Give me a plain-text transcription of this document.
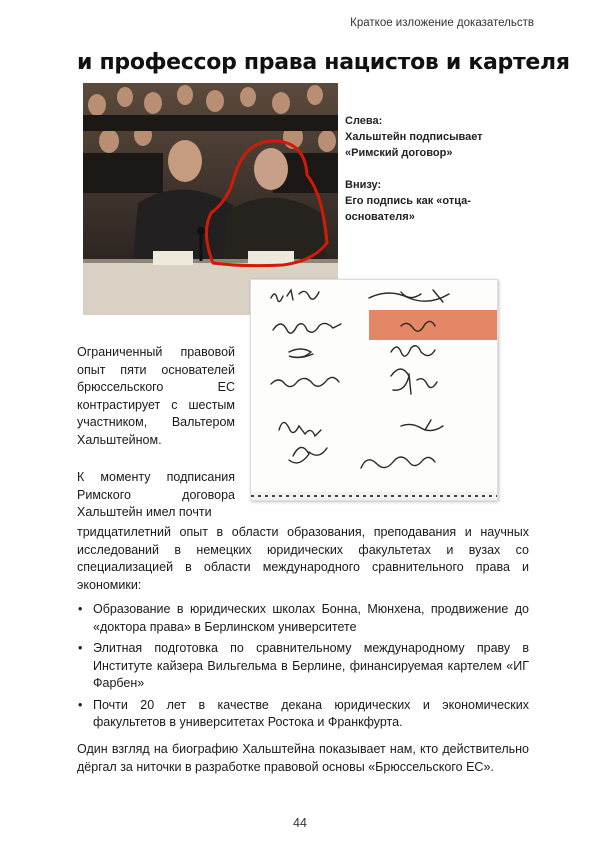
Краткое изложение доказательств
и профессор права нацистов и картеля

Слева:

Хальштейн подписывает «Римский договор»

Внизу:

Его подпись как «отца-основателя»

Ограниченный правовой опыт пяти основателей брюссельского ЕС контрастирует с шестым участником, Вальтером Хальштейном.
К моменту подписания Римского договора Хальштейн имел почти
тридцатилетний опыт в области образования, преподавания и научных исследований в немецких юридических факультетах и вузах со специализацией в области международного сравнительного права и экономики:
• Образование в юридических школах Бонна, Мюнхена, продвижение до «доктора права» в Берлинском университете
• Элитная подготовка по сравнительному международному праву в Институте кайзера Вильгельма в Берлине, финансируемая картелем «ИГ Фарбен»
• Почти 20 лет в качестве декана юридических и экономических факультетов в университетах Ростока и Франкфурта.
Один взгляд на биографию Хальштейна показывает нам, кто действительно дёргал за ниточки в разработке правовой основы «Брюссельского ЕС».
44
